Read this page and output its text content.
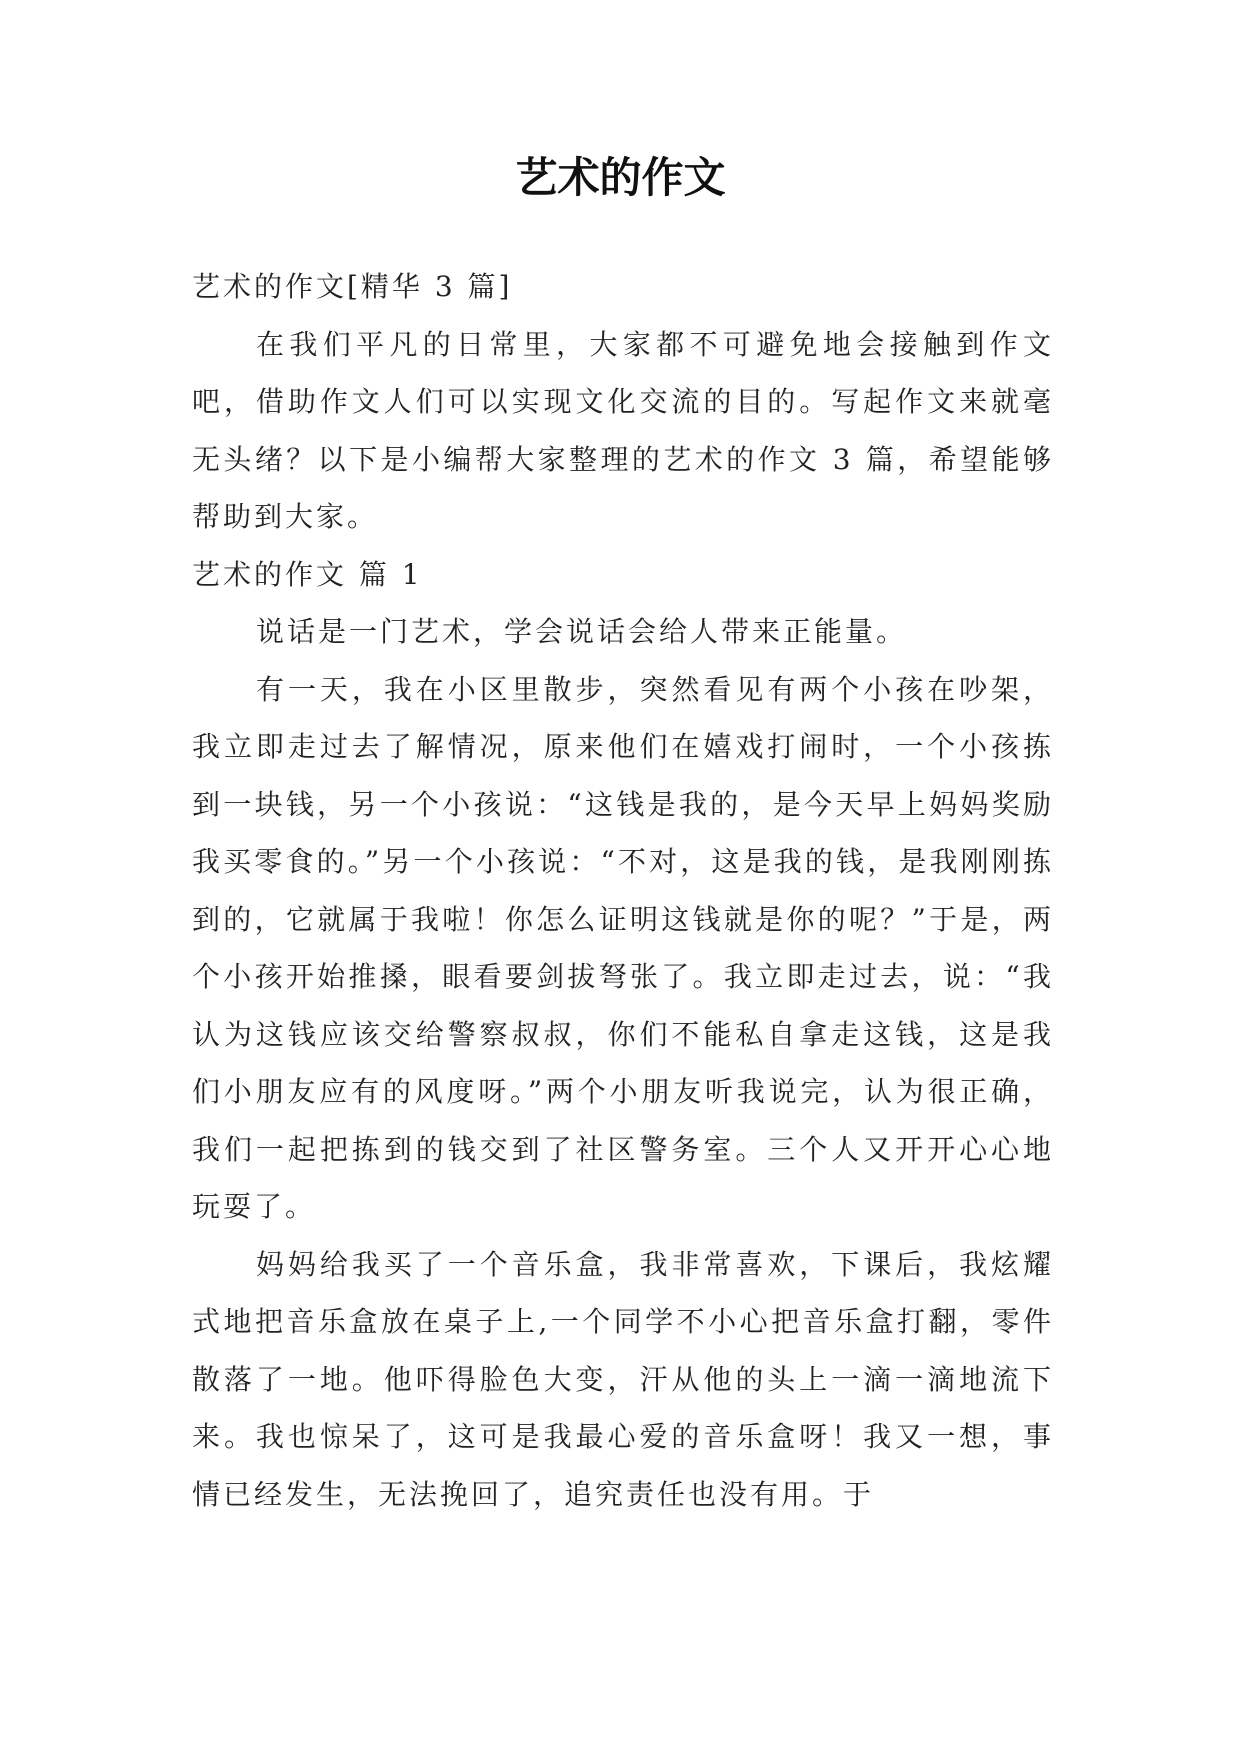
艺术的作文

艺术的作文[精华 3 篇]

在我们平凡的日常里，大家都不可避免地会接触到作文吧，借助作文人们可以实现文化交流的目的。写起作文来就毫无头绪？以下是小编帮大家整理的艺术的作文 3 篇，希望能够帮助到大家。

艺术的作文 篇 1

说话是一门艺术，学会说话会给人带来正能量。

有一天，我在小区里散步，突然看见有两个小孩在吵架，我立即走过去了解情况，原来他们在嬉戏打闹时，一个小孩拣到一块钱，另一个小孩说：“这钱是我的，是今天早上妈妈奖励我买零食的。”另一个小孩说：“不对，这是我的钱，是我刚刚拣到的，它就属于我啦！你怎么证明这钱就是你的呢？”于是，两个小孩开始推搡，眼看要剑拔弩张了。我立即走过去，说：“我认为这钱应该交给警察叔叔，你们不能私自拿走这钱，这是我们小朋友应有的风度呀。”两个小朋友听我说完，认为很正确，我们一起把拣到的钱交到了社区警务室。三个人又开开心心地玩耍了。

妈妈给我买了一个音乐盒，我非常喜欢，下课后，我炫耀式地把音乐盒放在桌子上,一个同学不小心把音乐盒打翻，零件散落了一地。他吓得脸色大变，汗从他的头上一滴一滴地流下来。我也惊呆了，这可是我最心爱的音乐盒呀！我又一想，事情已经发生，无法挽回了，追究责任也没有用。于
